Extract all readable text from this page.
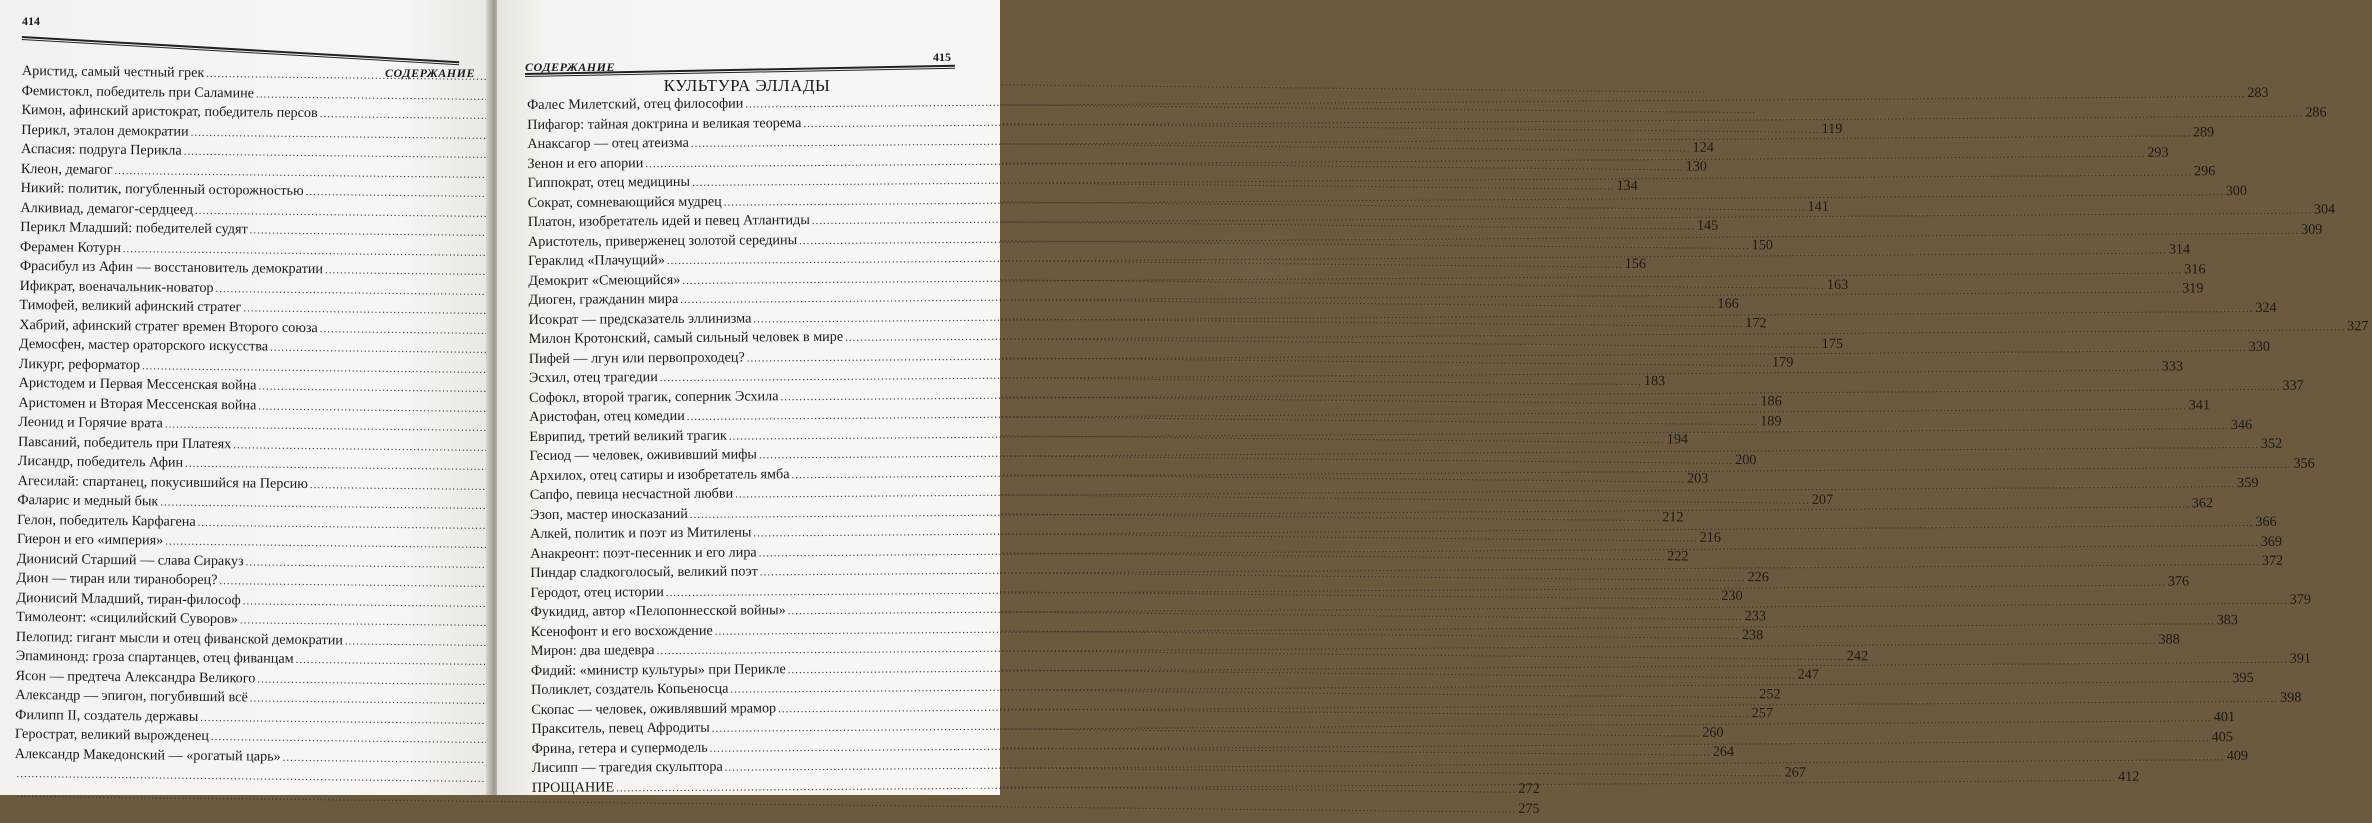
414
СОДЕРЖАНИЕ
Аристид, самый честный грек
.....
Фемистокл, победитель при Саламине
.....
Кимон, афинский аристократ, победитель персов
.....
119
Перикл, эталон демократии
.....
124
Аспасия: подруга Перикла
.....
130
Клеон, демагог
.....
134
Никий: политик, погубленный осторожностью
.....
141
Алкивиад, демагог-сердцеед
.....
145
Перикл Младший: победителей судят
.....
150
Ферамен Котурн
.....
156
Фрасибул из Афин — восстановитель демократии
.....
163
Ификрат, военачальник-новатор
.....
166
Тимофей, великий афинский стратег
.....
172
Хабрий, афинский стратег времен Второго союза
.....
175
Демосфен, мастер ораторского искусства
.....
179
Ликург, реформатор
.....
183
Аристодем и Первая Мессенская война
.....
186
Аристомен и Вторая Мессенская война
.....
189
Леонид и Горячие врата
.....
194
Павсаний, победитель при Платеях
.....
200
Лисандр, победитель Афин
.....
203
Агесилай: спартанец, покусившийся на Персию
.....
207
Фаларис и медный бык
.....
212
Гелон, победитель Карфагена
.....
216
Гиерон и его «империя»
.....
222
Дионисий Старший — слава Сиракуз
.....
226
Дион — тиран или тираноборец?
.....
230
Дионисий Младший, тиран-философ
.....
233
Тимолеонт: «сицилийский Суворов»
.....
238
Пелопид: гигант мысли и отец фиванской демократии
.....
242
Эпаминонд: гроза спартанцев, отец фиванцам
.....
247
Ясон — предтеча Александра Великого
.....
252
Александр — эпигон, погубивший всё
.....
257
Филипп II, создатель державы
.....
260
Герострат, великий вырожденец
.....
264
Александр Македонский — «рогатый царь»
.....
267
.....
272
.....
275
415
СОДЕРЖАНИЕ
КУЛЬТУРА ЭЛЛАДЫ
Фалес Милетский, отец философии
.....
283
Пифагор: тайная доктрина и великая теорема
.....
286
Анаксагор — отец атеизма
.....
289
Зенон и его апории
.....
293
Гиппократ, отец медицины
.....
296
Сократ, сомневающийся мудрец
.....
300
Платон, изобретатель идей и певец Атлантиды
.....
304
Аристотель, приверженец золотой середины
.....
309
Гераклид «Плачущий»
.....
314
Демокрит «Смеющийся»
.....
316
Диоген, гражданин мира
.....
319
Исократ — предсказатель эллинизма
.....
324
Милон Кротонский, самый сильный человек в мире
.....
327
Пифей — лгун или первопроходец?
.....
330
Эсхил, отец трагедии
.....
333
Софокл, второй трагик, соперник Эсхила
.....
337
Аристофан, отец комедии
.....
341
Еврипид, третий великий трагик
.....
346
Гесиод — человек, ожививший мифы
.....
352
Архилох, отец сатиры и изобретатель ямба
.....
356
Сапфо, певица несчастной любви
.....
359
Эзоп, мастер иносказаний
.....
362
Алкей, политик и поэт из Митилены
.....
366
Анакреонт: поэт-песенник и его лира
.....
369
Пиндар сладкоголосый, великий поэт
.....
372
Геродот, отец истории
.....
376
Фукидид, автор «Пелопоннесской войны»
.....
379
Ксенофонт и его восхождение
.....
383
Мирон: два шедевра
.....
388
Фидий: «министр культуры» при Перикле
.....
391
Поликлет, создатель Копьеносца
.....
395
Скопас — человек, оживлявший мрамор
.....
398
Пракситель, певец Афродиты
.....
401
Фрина, гетера и супермодель
.....
405
Лисипп — трагедия скульптора
.....
409
ПРОЩАНИЕ
.....
412
ay.by
